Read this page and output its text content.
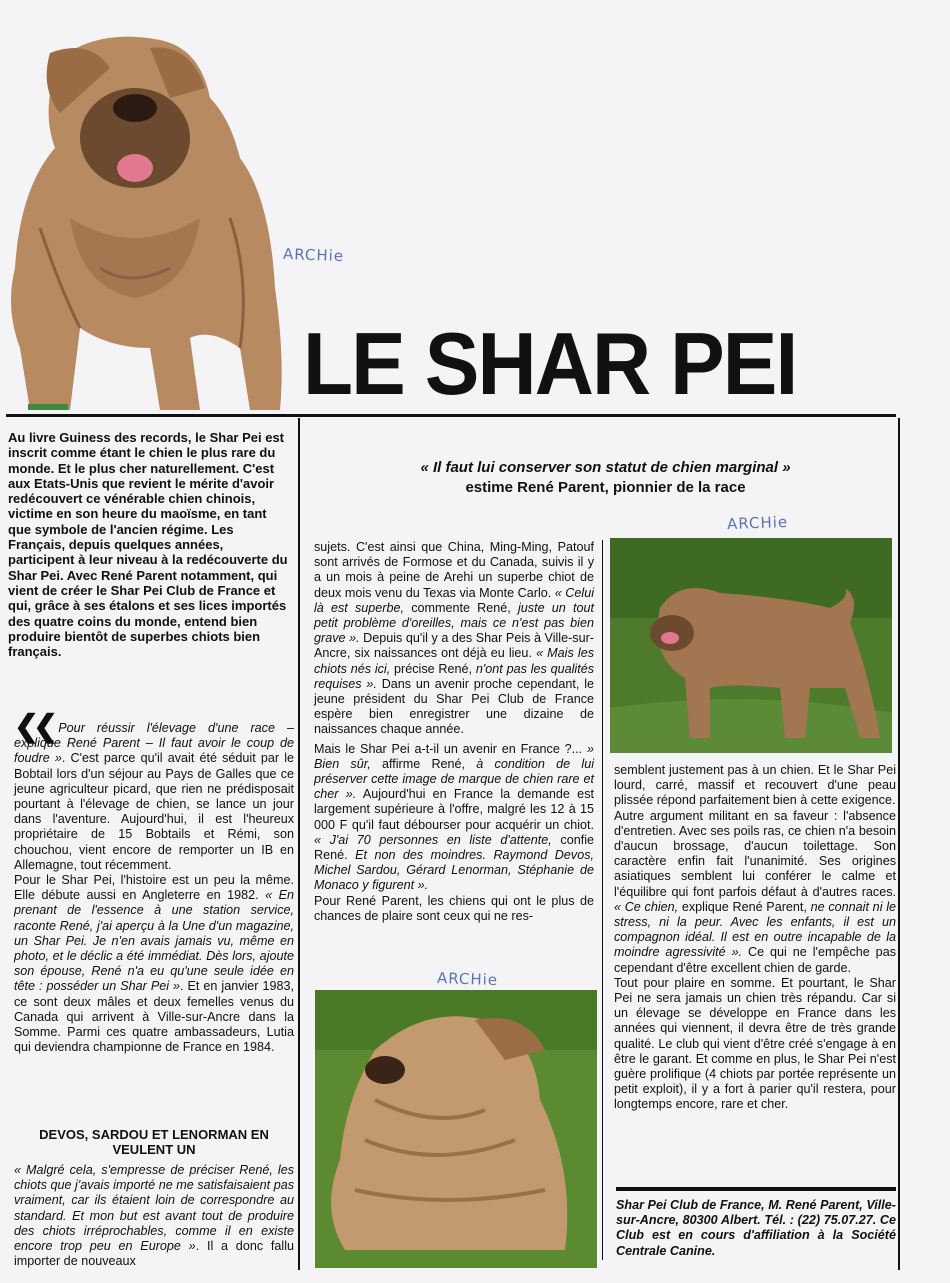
ARCHie
ARCHie
ARCHie
LE SHAR PEI

Au livre Guiness des records, le Shar Pei est inscrit comme étant le chien le plus rare du monde. Et le plus cher naturellement. C'est aux Etats-Unis que revient le mérite d'avoir redécouvert ce vénérable chien chinois, victime en son heure du maoïsme, en tant que symbole de l'ancien régime. Les Français, depuis quelques années, participent à leur niveau à la redécouverte du Shar Pei. Avec René Parent notamment, qui vient de créer le Shar Pei Club de France et qui, grâce à ses étalons et ses lices importés des quatre coins du monde, entend bien produire bientôt de superbes chiots bien français.

« Il faut lui conserver son statut de chien marginal »
estime René Parent, pionnier de la race

❮❮ Pour réussir l'élevage d'une race – explique René Parent – Il faut avoir le coup de foudre ». C'est parce qu'il avait été séduit par le Bobtail lors d'un séjour au Pays de Galles que ce jeune agriculteur picard, que rien ne prédisposait pourtant à l'élevage de chien, se lance un jour dans l'aventure. Aujourd'hui, il est l'heureux propriétaire de 15 Bobtails et Rémi, son chouchou, vient encore de remporter un IB en Allemagne, tout récemment.

Pour le Shar Pei, l'histoire est un peu la même. Elle débute aussi en Angleterre en 1982. « En prenant de l'essence à une station service, raconte René, j'ai aperçu à la Une d'un magazine, un Shar Pei. Je n'en avais jamais vu, même en photo, et le déclic a été immédiat. Dès lors, ajoute son épouse, René n'a eu qu'une seule idée en tête : posséder un Shar Pei ». Et en janvier 1983, ce sont deux mâles et deux femelles venus du Canada qui arrivent à Ville-sur-Ancre dans la Somme. Parmi ces quatre ambassadeurs, Lutia qui deviendra championne de France en 1984.

DEVOS, SARDOU ET LENORMAN EN VEULENT UN

« Malgré cela, s'empresse de préciser René, les chiots que j'avais importé ne me satisfaisaient pas vraiment, car ils étaient loin de correspondre au standard. Et mon but est avant tout de produire des chiots irréprochables, comme il en existe encore trop peu en Europe ». Il a donc fallu importer de nouveaux

sujets. C'est ainsi que China, Ming-Ming, Patouf sont arrivés de Formose et du Canada, suivis il y a un mois à peine de Arehi un superbe chiot de deux mois venu du Texas via Monte Carlo. « Celui là est superbe, commente René, juste un tout petit problème d'oreilles, mais ce n'est pas bien grave ». Depuis qu'il y a des Shar Peis à Ville-sur-Ancre, six naissances ont déjà eu lieu. « Mais les chiots nés ici, précise René, n'ont pas les qualités requises ». Dans un avenir proche cependant, le jeune président du Shar Pei Club de France espère bien enregistrer une dizaine de naissances chaque année.

Mais le Shar Pei a-t-il un avenir en France ?... » Bien sûr, affirme René, à condition de lui préserver cette image de marque de chien rare et cher ». Aujourd'hui en France la demande est largement supérieure à l'offre, malgré les 12 à 15 000 F qu'il faut débourser pour acquérir un chiot. « J'ai 70 personnes en liste d'attente, confie René. Et non des moindres. Raymond Devos, Michel Sardou, Gérard Lenorman, Stéphanie de Monaco y figurent ».

Pour René Parent, les chiens qui ont le plus de chances de plaire sont ceux qui ne res-

semblent justement pas à un chien. Et le Shar Pei lourd, carré, massif et recouvert d'une peau plissée répond parfaitement bien à cette exigence.

Autre argument militant en sa faveur : l'absence d'entretien. Avec ses poils ras, ce chien n'a besoin d'aucun brossage, d'aucun toilettage. Son caractère enfin fait l'unanimité. Ses origines asiatiques semblent lui conférer le calme et l'équilibre qui font parfois défaut à d'autres races. « Ce chien, explique René Parent, ne connait ni le stress, ni la peur. Avec les enfants, il est un compagnon idéal. Il est en outre incapable de la moindre agressivité ». Ce qui ne l'empêche pas cependant d'être excellent chien de garde.

Tout pour plaire en somme. Et pourtant, le Shar Pei ne sera jamais un chien très répandu. Car si un élevage se développe en France dans les années qui viennent, il devra être de très grande qualité. Le club qui vient d'être créé s'engage à en être le garant. Et comme en plus, le Shar Pei n'est guère prolifique (4 chiots par portée représente un petit exploit), il y a fort à parier qu'il restera, pour longtemps encore, rare et cher.

Shar Pei Club de France, M. René Parent, Ville-sur-Ancre, 80300 Albert. Tél. : (22) 75.07.27. Ce Club est en cours d'affiliation à la Société Centrale Canine.
